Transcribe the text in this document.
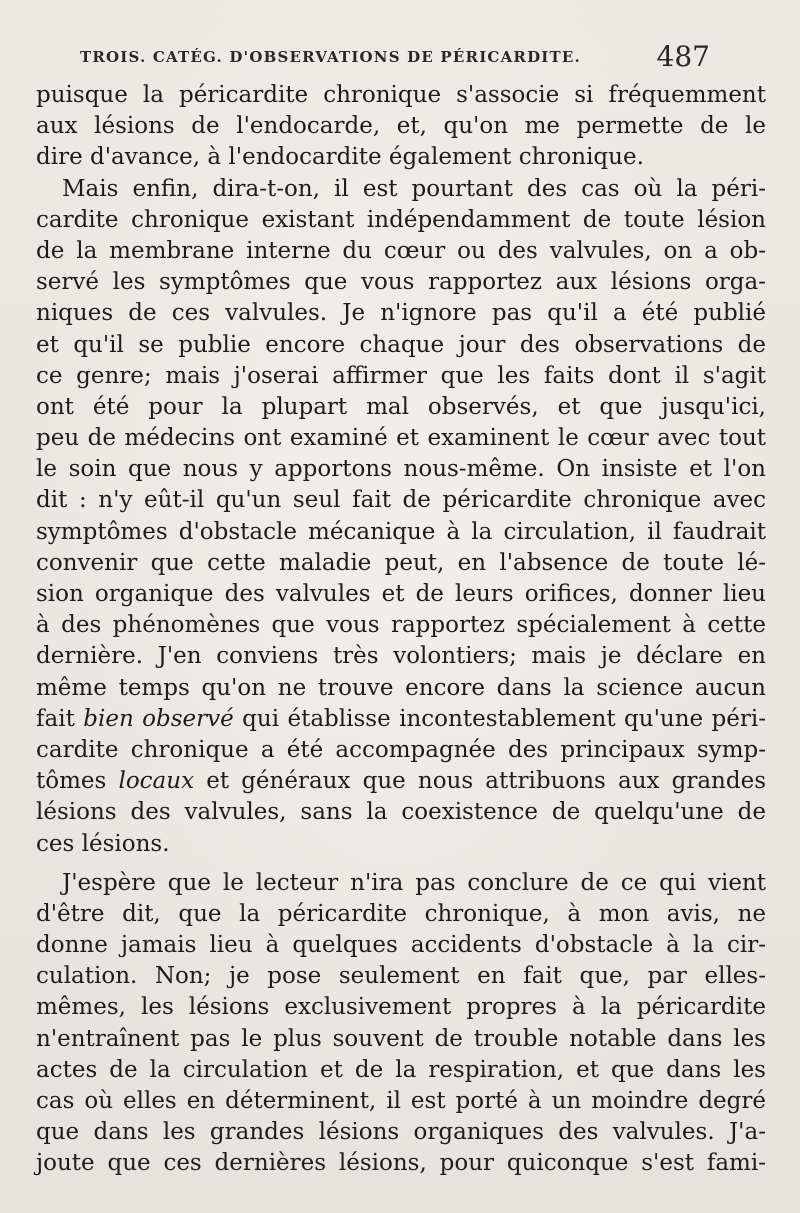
TROIS. CATÉG. D'OBSERVATIONS DE PÉRICARDITE.	487
puisque la péricardite chronique s'associe si fréquemment
aux lésions de l'endocarde, et, qu'on me permette de le
dire d'avance, à l'endocardite également chronique.
Mais enfin, dira-t-on, il est pourtant des cas où la péri-
cardite chronique existant indépendamment de toute lésion
de la membrane interne du cœur ou des valvules, on a ob-
servé les symptômes que vous rapportez aux lésions orga-
niques de ces valvules. Je n'ignore pas qu'il a été publié
et qu'il se publie encore chaque jour des observations de
ce genre; mais j'oserai affirmer que les faits dont il s'agit
ont été pour la plupart mal observés, et que jusqu'ici,
peu de médecins ont examiné et examinent le cœur avec tout
le soin que nous y apportons nous-même. On insiste et l'on
dit : n'y eût-il qu'un seul fait de péricardite chronique avec
symptômes d'obstacle mécanique à la circulation, il faudrait
convenir que cette maladie peut, en l'absence de toute lé-
sion organique des valvules et de leurs orifices, donner lieu
à des phénomènes que vous rapportez spécialement à cette
dernière. J'en conviens très volontiers; mais je déclare en
même temps qu'on ne trouve encore dans la science aucun
fait bien observé qui établisse incontestablement qu'une péri-
cardite chronique a été accompagnée des principaux symp-
tômes locaux et généraux que nous attribuons aux grandes
lésions des valvules, sans la coexistence de quelqu'une de
ces lésions.
J'espère que le lecteur n'ira pas conclure de ce qui vient
d'être dit, que la péricardite chronique, à mon avis, ne
donne jamais lieu à quelques accidents d'obstacle à la cir-
culation. Non; je pose seulement en fait que, par elles-
mêmes, les lésions exclusivement propres à la péricardite
n'entraînent pas le plus souvent de trouble notable dans les
actes de la circulation et de la respiration, et que dans les
cas où elles en déterminent, il est porté à un moindre degré
que dans les grandes lésions organiques des valvules. J'a-
joute que ces dernières lésions, pour quiconque s'est fami-
